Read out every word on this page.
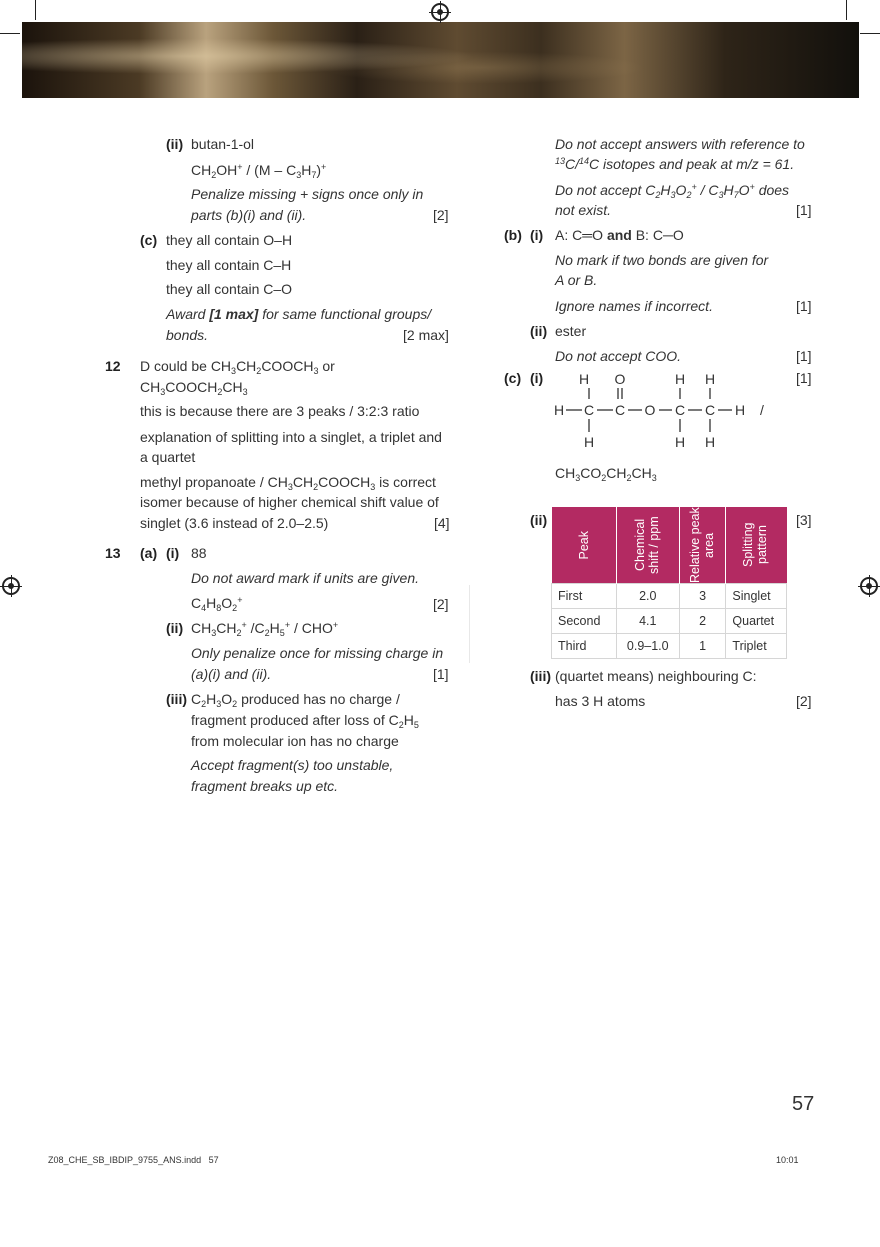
(ii) butan-1-ol
$CH_2OH^+ / (M - C_3H_7)^+$
Penalize missing + signs once only in
parts (b)(i) and (ii).	[2]
(c) they all contain O–H
they all contain C–H
they all contain C–O
Award [1 max] for same functional groups/
bonds.	[2 max]
12 D could be $CH_3CH_2COOCH_3$ or
$CH_3COOCH_2CH_3$
this is because there are 3 peaks / 3:2:3 ratio
explanation of splitting into a singlet, a triplet and
a quartet
methyl propanoate / $CH_3CH_2COOCH_3$ is correct
isomer because of higher chemical shift value of
singlet (3.6 instead of 2.0–2.5)	[4]
13 (a) (i) 88
Do not award mark if units are given.
$C_4H_8O_2^+$	[2]
(ii) $CH_3CH_2^+$ $/C_2H_5^+ / CHO^+$
Only penalize once for missing charge in
(a)(i) and (ii).	[1]
(iii) $C_2H_3O_2$ produced has no charge /
fragment produced after loss of $C_2H_5$
from molecular ion has no charge
Accept fragment(s) too unstable,
fragment breaks up etc.
Do not accept answers with reference to
$^{13}$C/$^{14}$C isotopes and peak at m/z = 61.
Do not accept $C_2H_3O_2^+ / C_3H_7O^+$ does
not exist.	[1]
(b) (i) A: C═O and B: C─O
No mark if two bonds are given for
A or B.
Ignore names if incorrect.	[1]
(ii) ester
Do not accept COO.	[1]
(c) (i)	[1]
H O	H H
H C C O C C H /
H	H H
$CH_3CO_2CH_2CH_3$
(ii)	[3]
Peak	Chemical shift / ppm	Relative peak area	Splitting pattern

First	2.0	3	Singlet
Second	4.1	2	Quartet
Third	0.9–1.0	1	Triplet
(iii) (quartet means) neighbouring C:
has 3 H atoms	[2]
57
Z08_CHE_SB_IBDIP_9755_ANS.indd   57	10:01
